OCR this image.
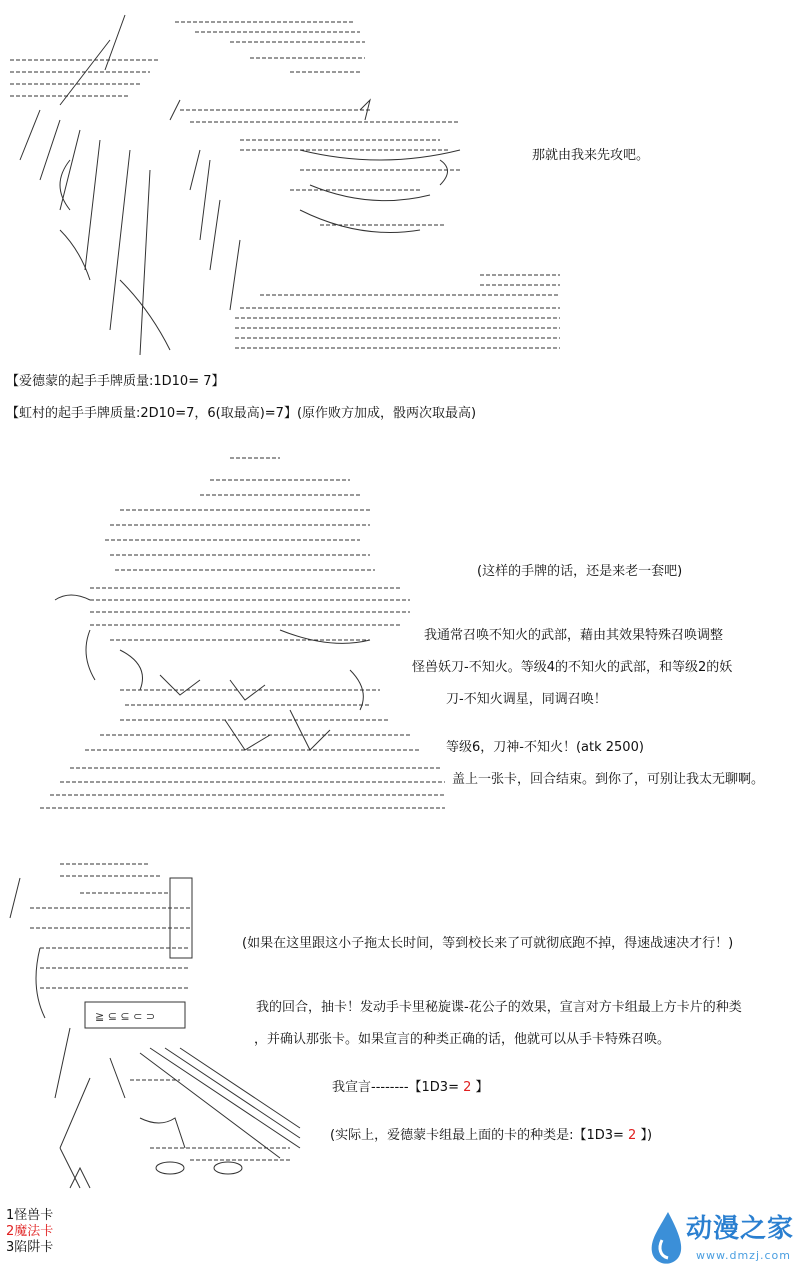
那就由我来先攻吧。
【爱德蒙的起手手牌质量:1D10= 7】
【虹村的起手手牌质量:2D10=7，6(取最高)=7】(原作败方加成，骰两次取最高)
(这样的手牌的话，还是来老一套吧)
我通常召唤不知火的武部，藉由其效果特殊召唤调整
怪兽妖刀-不知火。等级4的不知火的武部，和等级2的妖
刀-不知火调星，同调召唤！
等级6，刀神-不知火！(atk 2500)
盖上一张卡，回合结束。到你了，可别让我太无聊啊。
≧ ⊆ ⊆ ⊂ ⊃
(如果在这里跟这小子拖太长时间，等到校长来了可就彻底跑不掉，得速战速决才行！)
我的回合，抽卡！发动手卡里秘旋谍-花公子的效果，宣言对方卡组最上方卡片的种类
，并确认那张卡。如果宣言的种类正确的话，他就可以从手卡特殊召唤。
我宣言--------【1D3= 2 】
(实际上，爱德蒙卡组最上面的卡的种类是:【1D3= 2 】)
1怪兽卡
2魔法卡
3陷阱卡
动漫之家
www.dmzj.com
